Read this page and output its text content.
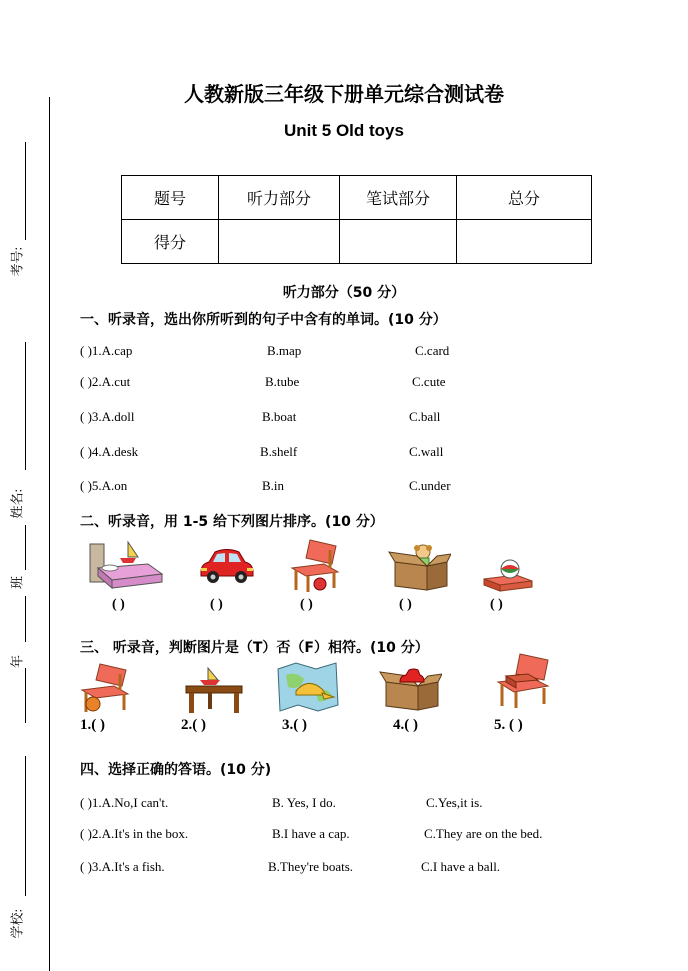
考号:
姓名:
班
年
学校:
人教新版三年级下册单元综合测试卷
Unit 5 Old toys
题号	听力部分	笔试部分	总分
得分			
听力部分（50 分）
一、听录音，选出你所听到的句子中含有的单词。(10 分）
( )1.A.cap	B.map	C.card
( )2.A.cut	B.tube	C.cute
( )3.A.doll	B.boat	C.ball
( )4.A.desk	B.shelf	C.wall
( )5.A.on	B.in	C.under
二、听录音，用 1-5 给下列图片排序。(10 分）
( )	( )	( )	( )	( )
三、 听录音，判断图片是（T）否（F）相符。(10 分）
1.( )	2.( )	3.( )	4.( )	5. ( )
四、选择正确的答语。(10 分)
( )1.A.No,I can't.	B. Yes, I do.	C.Yes,it is.
( )2.A.It's in the box.	B.I have a cap.	C.They are on the bed.
( )3.A.It's a fish.	B.They're boats.	C.I have a ball.
